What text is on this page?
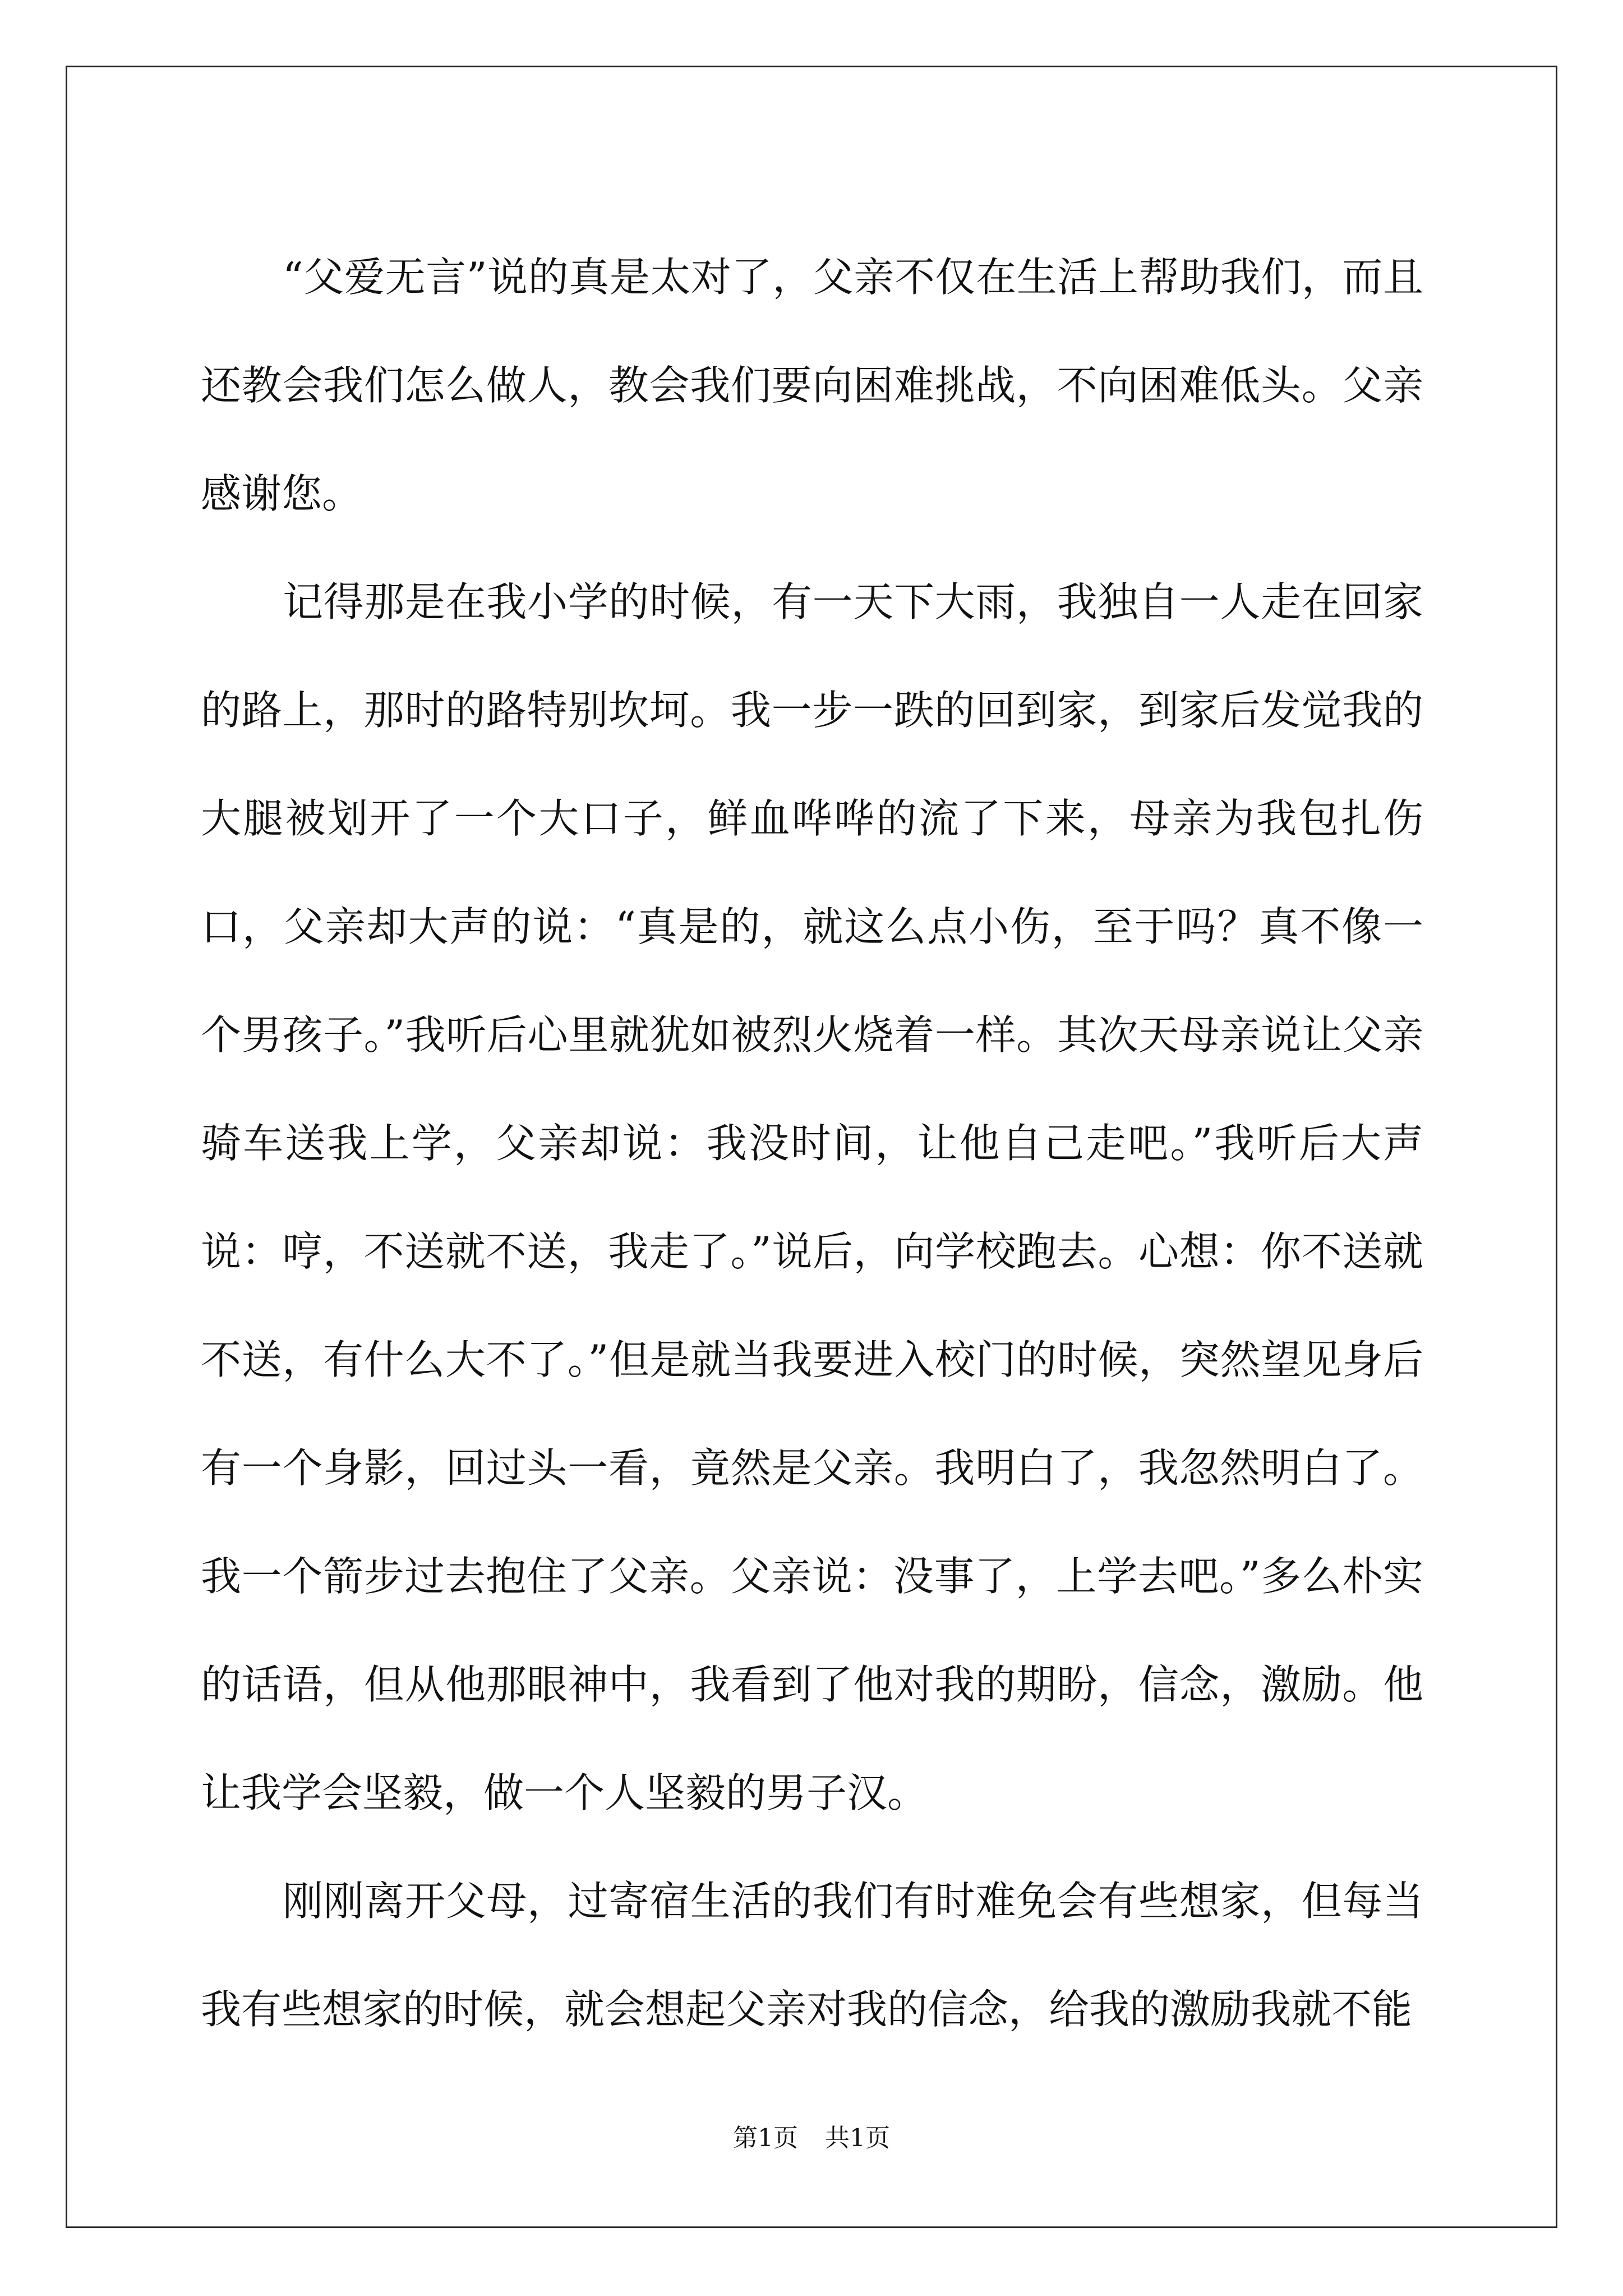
“父爱无言”说的真是太对了，父亲不仅在生活上帮助我们，而且还教会我们怎么做人，教会我们要向困难挑战，不向困难低头。父亲感谢您。

记得那是在我小学的时候，有一天下大雨，我独自一人走在回家的路上，那时的路特别坎坷。我一步一跌的回到家，到家后发觉我的大腿被划开了一个大口子，鲜血哗哗的流了下来，母亲为我包扎伤口，父亲却大声的说：“真是的，就这么点小伤，至于吗？真不像一个男孩子。”我听后心里就犹如被烈火烧着一样。其次天母亲说让父亲骑车送我上学，父亲却说：我没时间，让他自己走吧。”我听后大声说：哼，不送就不送，我走了。”说后，向学校跑去。心想：你不送就不送，有什么大不了。”但是就当我要进入校门的时候，突然望见身后有一个身影，回过头一看，竟然是父亲。我明白了，我忽然明白了。我一个箭步过去抱住了父亲。父亲说：没事了，上学去吧。”多么朴实的话语，但从他那眼神中，我看到了他对我的期盼，信念，激励。他让我学会坚毅，做一个人坚毅的男子汉。

刚刚离开父母，过寄宿生活的我们有时难免会有些想家，但每当我有些想家的时候，就会想起父亲对我的信念，给我的激励我就不能

第1页 共1页
